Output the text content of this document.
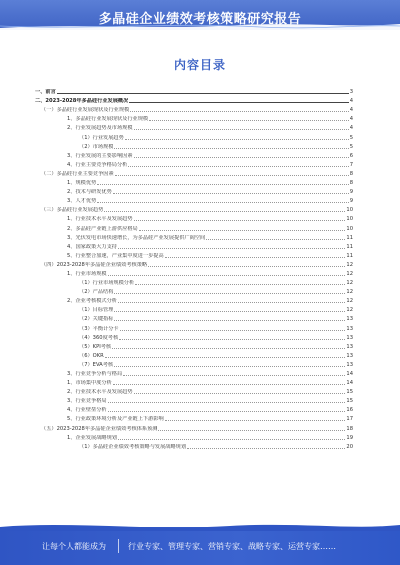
多晶硅企业绩效考核策略研究报告
内容目录
一、前言	3
二、2023-2028年多晶硅行业发展概况	4
（一）多晶硅行业发展现状及行业规模	4
1、多晶硅行业发展现状及行业规模	4
2、行业发展趋势及市场规模	4
（1）行业发展趋势	5
（2）市场规模	5
3、行业发展的主要影响因素	6
4、行业主要竞争格局分析	7
（二）多晶硅行业主要竞争因素	8
1、规模优势	8
2、技术与研发优势	9
3、人才优势	9
（三）多晶硅行业发展趋势	10
1、行业技术水平及发展趋势	10
2、多晶硅产业链上游供应格局	10
3、光伏发电市场快速增长，为多晶硅产业发展提供广阔空间	11
4、国家政策大力支持	11
5、行业整合加速，产业集中度进一步提高	11
（四）2023-2028年多晶硅企业绩效考核策略	12
1、行业市场规模	12
（1）行业市场规模分析	12
（2）产品结构	12
2、企业考核模式分析	12
（1）目标管理	12
（2）关键指标	13
（3）平衡计分卡	13
（4）360度考核	13
（5）KPI考核	13
（6）OKR	13
（7）EVA考核	13
3、行业竞争分析与格局	14
1、市场集中度分析	14
2、行业技术水平及发展趋势	15
3、行业竞争格局	15
4、行业壁垒分析	16
5、行业政策环境分析及产业链上下游影响	17
（五）2023-2028年多晶硅企业绩效考核体系预测	18
1、企业发展战略规划	19
（1）多晶硅企业绩效考核策略与发展战略规划	20
让每个人都能成为	行业专家、管理专家、营销专家、战略专家、运营专家……
